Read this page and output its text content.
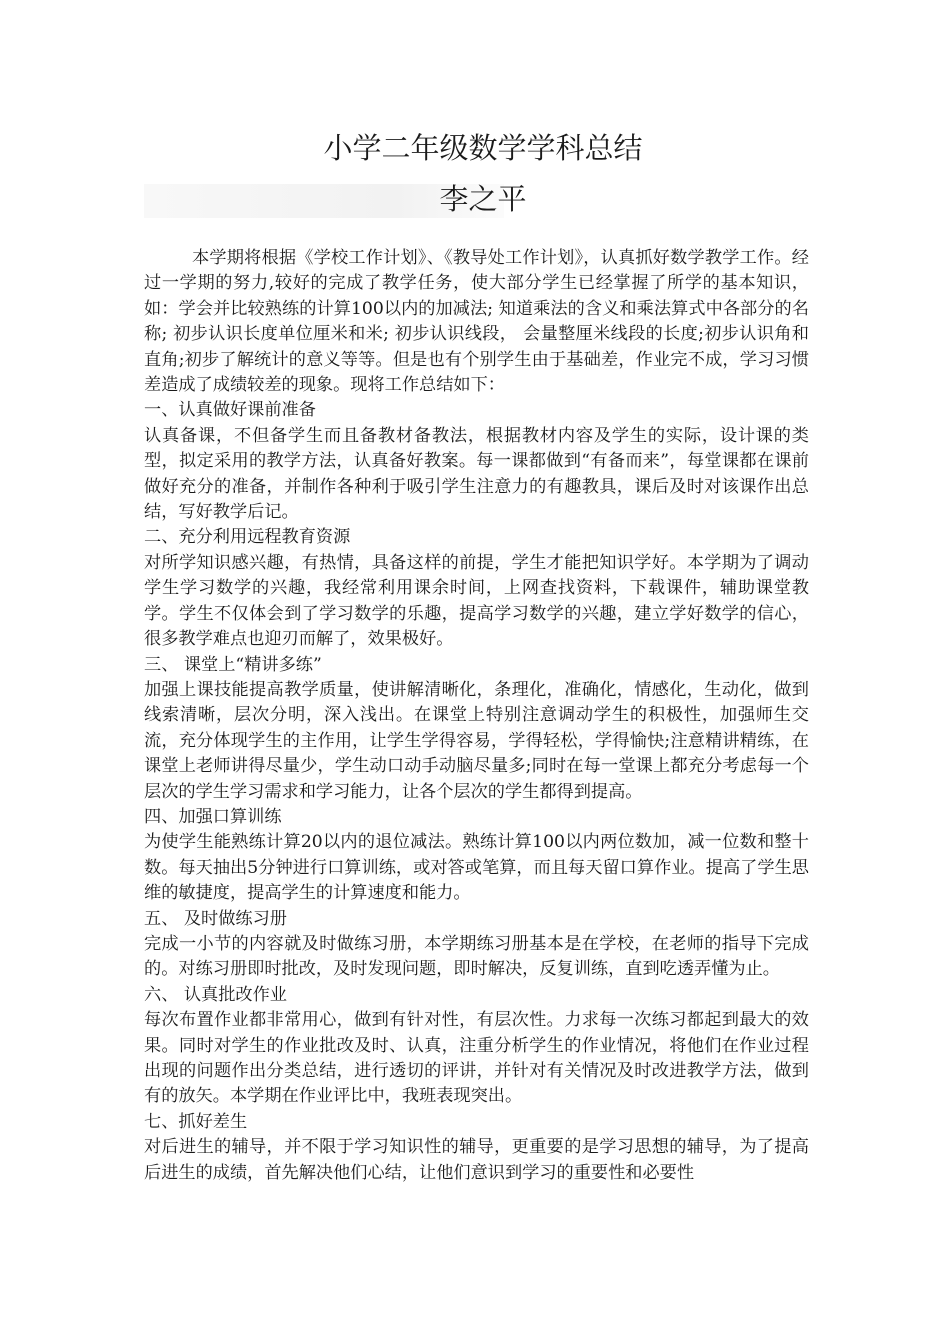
小学二年级数学学科总结
李之平

本学期将根据《学校工作计划》、《教导处工作计划》，认真抓好数学教学工作。经过一学期的努力,较好的完成了教学任务，使大部分学生已经掌握了所学的基本知识，如：学会并比较熟练的计算100以内的加减法; 知道乘法的含义和乘法算式中各部分的名称; 初步认识长度单位厘米和米; 初步认识线段， 会量整厘米线段的长度;初步认识角和直角;初步了解统计的意义等等。但是也有个别学生由于基础差，作业完不成，学习习惯差造成了成绩较差的现象。现将工作总结如下：

一、认真做好课前准备

认真备课，不但备学生而且备教材备教法，根据教材内容及学生的实际，设计课的类型，拟定采用的教学方法，认真备好教案。每一课都做到“有备而来”，每堂课都在课前做好充分的准备，并制作各种利于吸引学生注意力的有趣教具，课后及时对该课作出总结，写好教学后记。

二、充分利用远程教育资源

对所学知识感兴趣，有热情，具备这样的前提，学生才能把知识学好。本学期为了调动学生学习数学的兴趣，我经常利用课余时间，上网查找资料，下载课件，辅助课堂教学。学生不仅体会到了学习数学的乐趣，提高学习数学的兴趣，建立学好数学的信心，很多教学难点也迎刃而解了，效果极好。

三、 课堂上“精讲多练”

加强上课技能提高教学质量，使讲解清晰化，条理化，准确化，情感化，生动化，做到线索清晰，层次分明，深入浅出。在课堂上特别注意调动学生的积极性，加强师生交流，充分体现学生的主作用，让学生学得容易，学得轻松，学得愉快;注意精讲精练，在课堂上老师讲得尽量少，学生动口动手动脑尽量多;同时在每一堂课上都充分考虑每一个层次的学生学习需求和学习能力，让各个层次的学生都得到提高。

四、加强口算训练

为使学生能熟练计算20以内的退位减法。熟练计算100以内两位数加，减一位数和整十数。每天抽出5分钟进行口算训练，或对答或笔算，而且每天留口算作业。提高了学生思维的敏捷度，提高学生的计算速度和能力。

五、 及时做练习册

完成一小节的内容就及时做练习册，本学期练习册基本是在学校，在老师的指导下完成的。对练习册即时批改，及时发现问题，即时解决，反复训练，直到吃透弄懂为止。

六、 认真批改作业

每次布置作业都非常用心，做到有针对性，有层次性。力求每一次练习都起到最大的效果。同时对学生的作业批改及时、认真，注重分析学生的作业情况，将他们在作业过程出现的问题作出分类总结，进行透切的评讲，并针对有关情况及时改进教学方法，做到有的放矢。本学期在作业评比中，我班表现突出。

七、抓好差生

对后进生的辅导，并不限于学习知识性的辅导，更重要的是学习思想的辅导，为了提高后进生的成绩，首先解决他们心结，让他们意识到学习的重要性和必要性
